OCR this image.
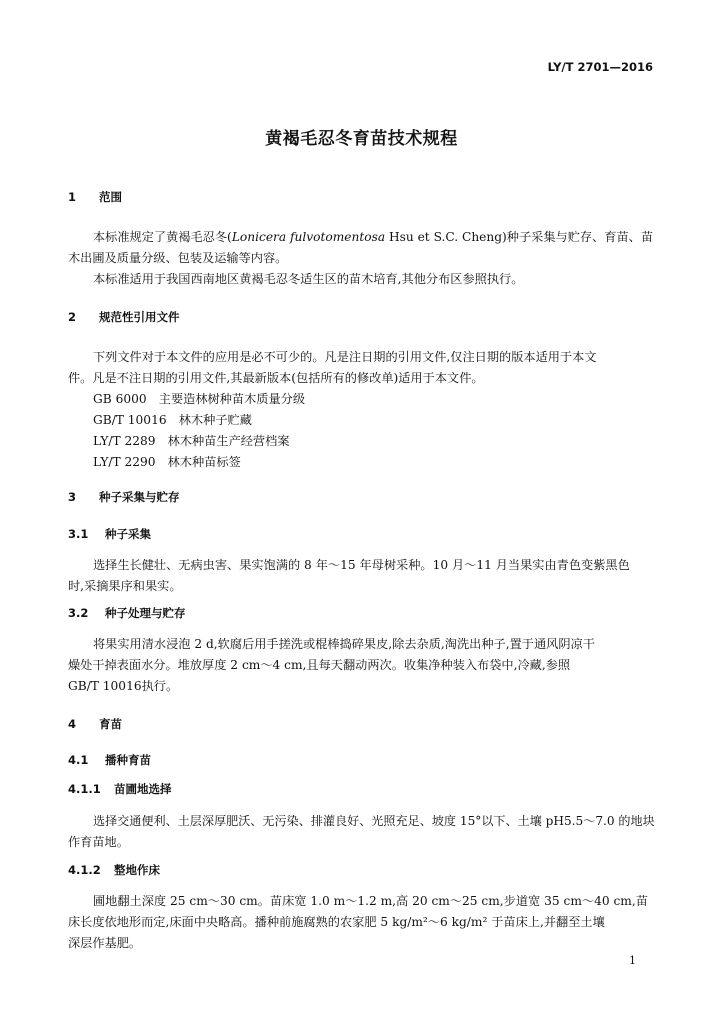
LY/T 2701—2016
黄褐毛忍冬育苗技术规程
1 范围
本标准规定了黄褐毛忍冬(Lonicera fulvotomentosa Hsu et S.C. Cheng)种子采集与贮存、育苗、苗
木出圃及质量分级、包装及运输等内容。
本标准适用于我国西南地区黄褐毛忍冬适生区的苗木培育,其他分布区参照执行。
2 规范性引用文件
下列文件对于本文件的应用是必不可少的。凡是注日期的引用文件,仅注日期的版本适用于本文
件。凡是不注日期的引用文件,其最新版本(包括所有的修改单)适用于本文件。
GB 6000　主要造林树种苗木质量分级
GB/T 10016　林木种子贮藏
LY/T 2289　林木种苗生产经营档案
LY/T 2290　林木种苗标签
3 种子采集与贮存
3.1 种子采集
选择生长健壮、无病虫害、果实饱满的 8 年～15 年母树采种。10 月～11 月当果实由青色变紫黑色
时,采摘果序和果实。
3.2 种子处理与贮存
将果实用清水浸泡 2 d,软腐后用手搓洗或棍棒捣碎果皮,除去杂质,淘洗出种子,置于通风阴凉干
燥处干掉表面水分。堆放厚度 2 cm～4 cm,且每天翻动两次。收集净种装入布袋中,冷藏,参照
GB/T 10016执行。
4 育苗
4.1 播种育苗
4.1.1 苗圃地选择
选择交通便利、土层深厚肥沃、无污染、排灌良好、光照充足、坡度 15°以下、土壤 pH5.5～7.0 的地块
作育苗地。
4.1.2 整地作床
圃地翻土深度 25 cm～30 cm。苗床宽 1.0 m～1.2 m,高 20 cm～25 cm,步道宽 35 cm～40 cm,苗
床长度依地形而定,床面中央略高。播种前施腐熟的农家肥 5 kg/m²～6 kg/m² 于苗床上,并翻至土壤
深层作基肥。
1
